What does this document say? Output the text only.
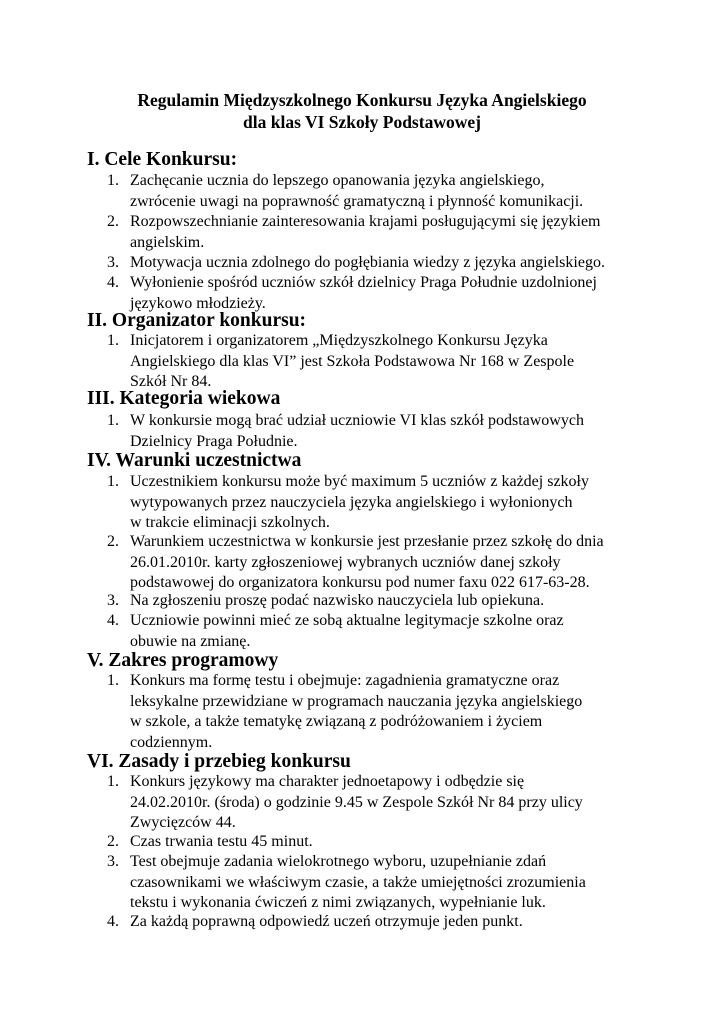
Regulamin Międzyszkolnego Konkursu Języka Angielskiego
dla klas VI Szkoły Podstawowej
I. Cele Konkursu:
1. Zachęcanie ucznia do lepszego opanowania języka angielskiego,
zwrócenie uwagi na poprawność gramatyczną i płynność komunikacji.
2. Rozpowszechnianie zainteresowania krajami posługującymi się językiem
angielskim.
3. Motywacja ucznia zdolnego do pogłębiania wiedzy z języka angielskiego.
4. Wyłonienie spośród uczniów szkół dzielnicy Praga Południe uzdolnionej
językowo młodzieży.
II. Organizator konkursu:
1. Inicjatorem i organizatorem „Międzyszkolnego Konkursu Języka
Angielskiego dla klas VI” jest Szkoła Podstawowa Nr 168 w Zespole
Szkół Nr 84.
III. Kategoria wiekowa
1. W konkursie mogą brać udział uczniowie VI klas szkół podstawowych
Dzielnicy Praga Południe.
IV. Warunki uczestnictwa
1. Uczestnikiem konkursu może być maximum 5 uczniów z każdej szkoły
wytypowanych przez nauczyciela języka angielskiego i wyłonionych
w trakcie eliminacji szkolnych.
2. Warunkiem uczestnictwa w konkursie jest przesłanie przez szkołę do dnia
26.01.2010r. karty zgłoszeniowej wybranych uczniów danej szkoły
podstawowej do organizatora konkursu pod numer faxu 022 617-63-28.
3. Na zgłoszeniu proszę podać nazwisko nauczyciela lub opiekuna.
4. Uczniowie powinni mieć ze sobą aktualne legitymacje szkolne oraz
obuwie na zmianę.
V. Zakres programowy
1. Konkurs ma formę testu i obejmuje: zagadnienia gramatyczne oraz
leksykalne przewidziane w programach nauczania języka angielskiego
w szkole, a także tematykę związaną z podróżowaniem i życiem
codziennym.
VI. Zasady i przebieg konkursu
1. Konkurs językowy ma charakter jednoetapowy i odbędzie się
24.02.2010r. (środa) o godzinie 9.45 w Zespole Szkół Nr 84 przy ulicy
Zwycięzców 44.
2. Czas trwania testu 45 minut.
3. Test obejmuje zadania wielokrotnego wyboru, uzupełnianie zdań
czasownikami we właściwym czasie, a także umiejętności zrozumienia
tekstu i wykonania ćwiczeń z nimi związanych, wypełnianie luk.
4. Za każdą poprawną odpowiedź uczeń otrzymuje jeden punkt.
